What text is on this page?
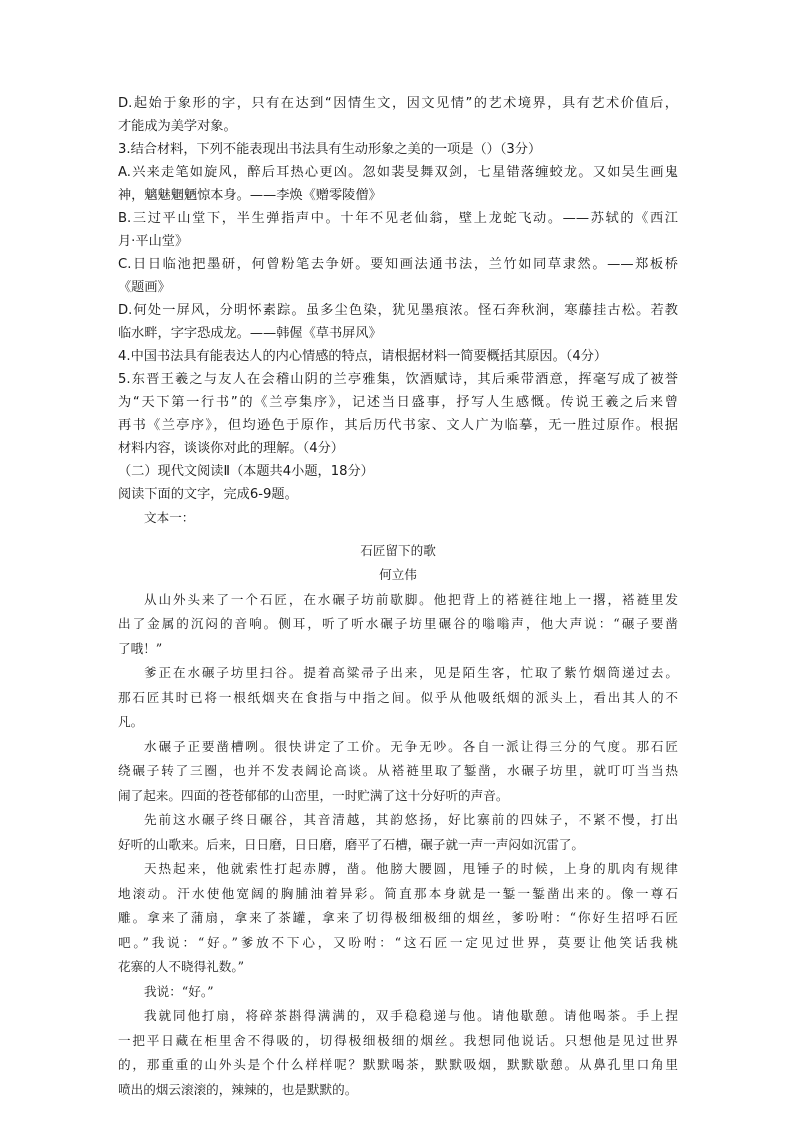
D.起始于象形的字，只有在达到“因情生文，因文见情”的艺术境界，具有艺术价值后，
才能成为美学对象。
3.结合材料，下列不能表现出书法具有生动形象之美的一项是（）（3分）
A.兴来走笔如旋风，醉后耳热心更凶。忽如裴旻舞双剑，七星错落缠蛟龙。又如吴生画鬼
神，魑魅魍魉惊本身。——李焕《赠零陵僧》
B.三过平山堂下，半生弹指声中。十年不见老仙翁，壁上龙蛇飞动。——苏轼的《西江
月·平山堂》
C.日日临池把墨研，何曾粉笔去争妍。要知画法通书法，兰竹如同草隶然。——郑板桥
《题画》
D.何处一屏风，分明怀素踪。虽多尘色染，犹见墨痕浓。怪石奔秋涧，寒藤挂古松。若教
临水畔，字字恐成龙。——韩偓《草书屏风》
4.中国书法具有能表达人的内心情感的特点，请根据材料一简要概括其原因。（4分）
5.东晋王羲之与友人在会稽山阴的兰亭雅集，饮酒赋诗，其后乘带酒意，挥毫写成了被誉
为“天下第一行书”的《兰亭集序》，记述当日盛事，抒写人生感慨。传说王羲之后来曾
再书《兰亭序》，但均逊色于原作，其后历代书家、文人广为临摹，无一胜过原作。根据
材料内容，谈谈你对此的理解。（4分）
（二）现代文阅读Ⅱ（本题共4小题，18分）
阅读下面的文字，完成6-9题。
文本一：
石匠留下的歌
何立伟
从山外头来了一个石匠，在水碾子坊前歇脚。他把背上的褡裢往地上一撂，褡裢里发
出了金属的沉闷的音响。侧耳，听了听水碾子坊里碾谷的嗡嗡声，他大声说：“碾子要凿
了哦！”
爹正在水碾子坊里扫谷。提着高粱帚子出来，见是陌生客，忙取了紫竹烟筒递过去。
那石匠其时已将一根纸烟夹在食指与中指之间。似乎从他吸纸烟的派头上，看出其人的不
凡。
水碾子正要凿槽咧。很快讲定了工价。无争无吵。各自一派让得三分的气度。那石匠
绕碾子转了三圈，也并不发表阔论高谈。从褡裢里取了錾凿，水碾子坊里，就叮叮当当热
闹了起来。四面的苍苍郁郁的山峦里，一时贮满了这十分好听的声音。
先前这水碾子终日碾谷，其音清越，其韵悠扬，好比寨前的四妹子，不紧不慢，打出
好听的山歌来。后来，日日磨，日日磨，磨平了石槽，碾子就一声一声闷如沉雷了。
天热起来，他就索性打起赤膊，凿。他膀大腰圆，甩锤子的时候，上身的肌肉有规律
地滚动。汗水使他宽阔的胸脯油着异彩。简直那本身就是一錾一錾凿出来的。像一尊石
雕。拿来了蒲扇，拿来了茶罐，拿来了切得极细极细的烟丝，爹吩咐：“你好生招呼石匠
吧。”我说：“好。”爹放不下心，又吩咐：“这石匠一定见过世界，莫要让他笑话我桃
花寨的人不晓得礼数。”
我说：“好。”
我就同他打扇，将碎茶斟得满满的，双手稳稳递与他。请他歇憩。请他喝茶。手上捏
一把平日藏在柜里舍不得吸的，切得极细极细的烟丝。我想同他说话。只想他是见过世界
的，那重重的山外头是个什么样样呢？默默喝茶，默默吸烟，默默歇憩。从鼻孔里口角里
喷出的烟云滚滚的，辣辣的，也是默默的。
